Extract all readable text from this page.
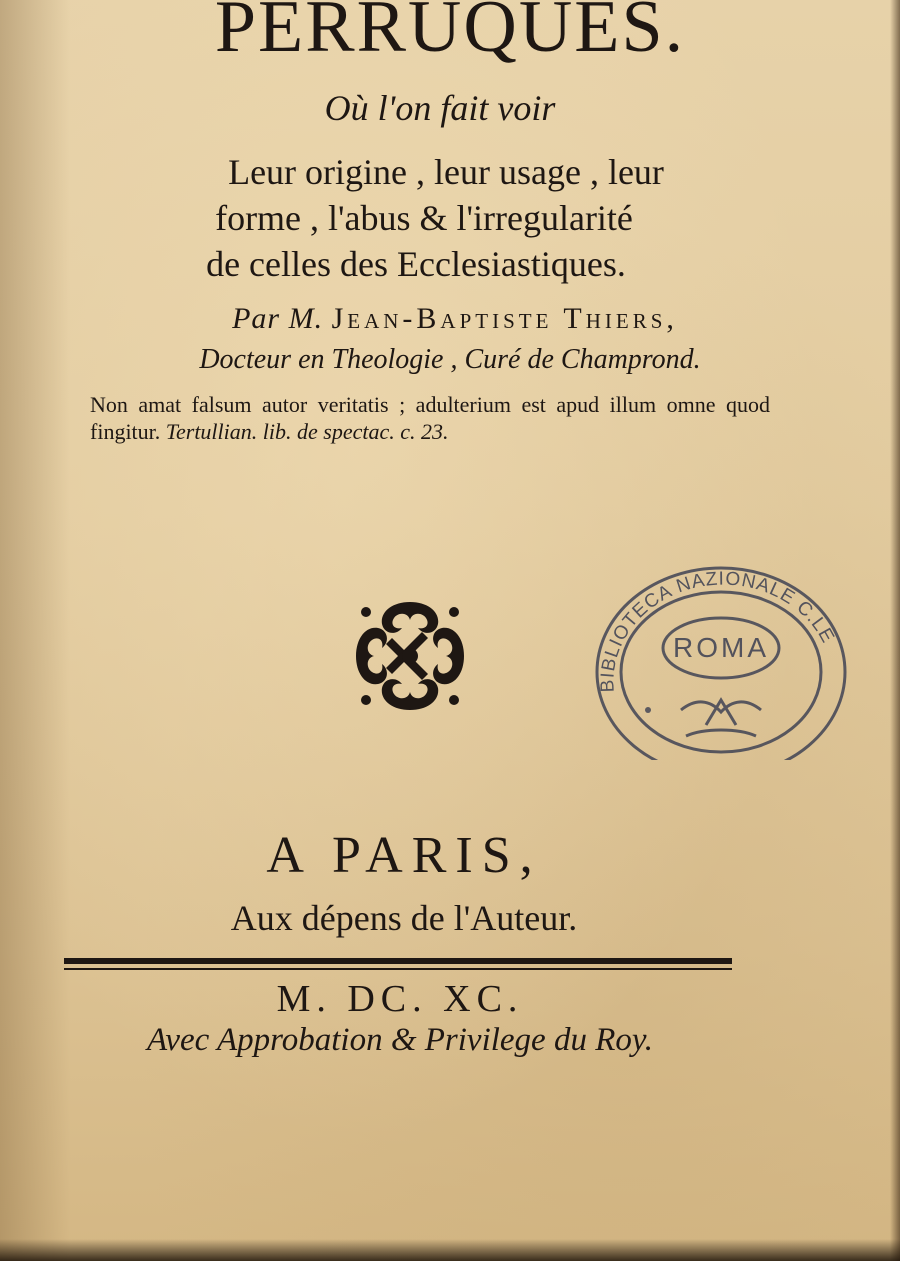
PERRUQUES.
Où l'on fait voir
Leur origine , leur usage , leur
forme , l'abus & l'irregularité
de celles des Ecclesiastiques.
Par M. Jean-Baptiste Thiers,
Docteur en Theologie , Curé de Champrond.
Non amat falsum autor veritatis ; adulterium est apud illum omne quod fingitur. Tertullian. lib. de spectac. c. 23.
BIBLIOTECA NAZIONALE C.LE
ROMA
A PARIS,
Aux dépens de l'Auteur.
M. DC. XC.
Avec Approbation & Privilege du Roy.
